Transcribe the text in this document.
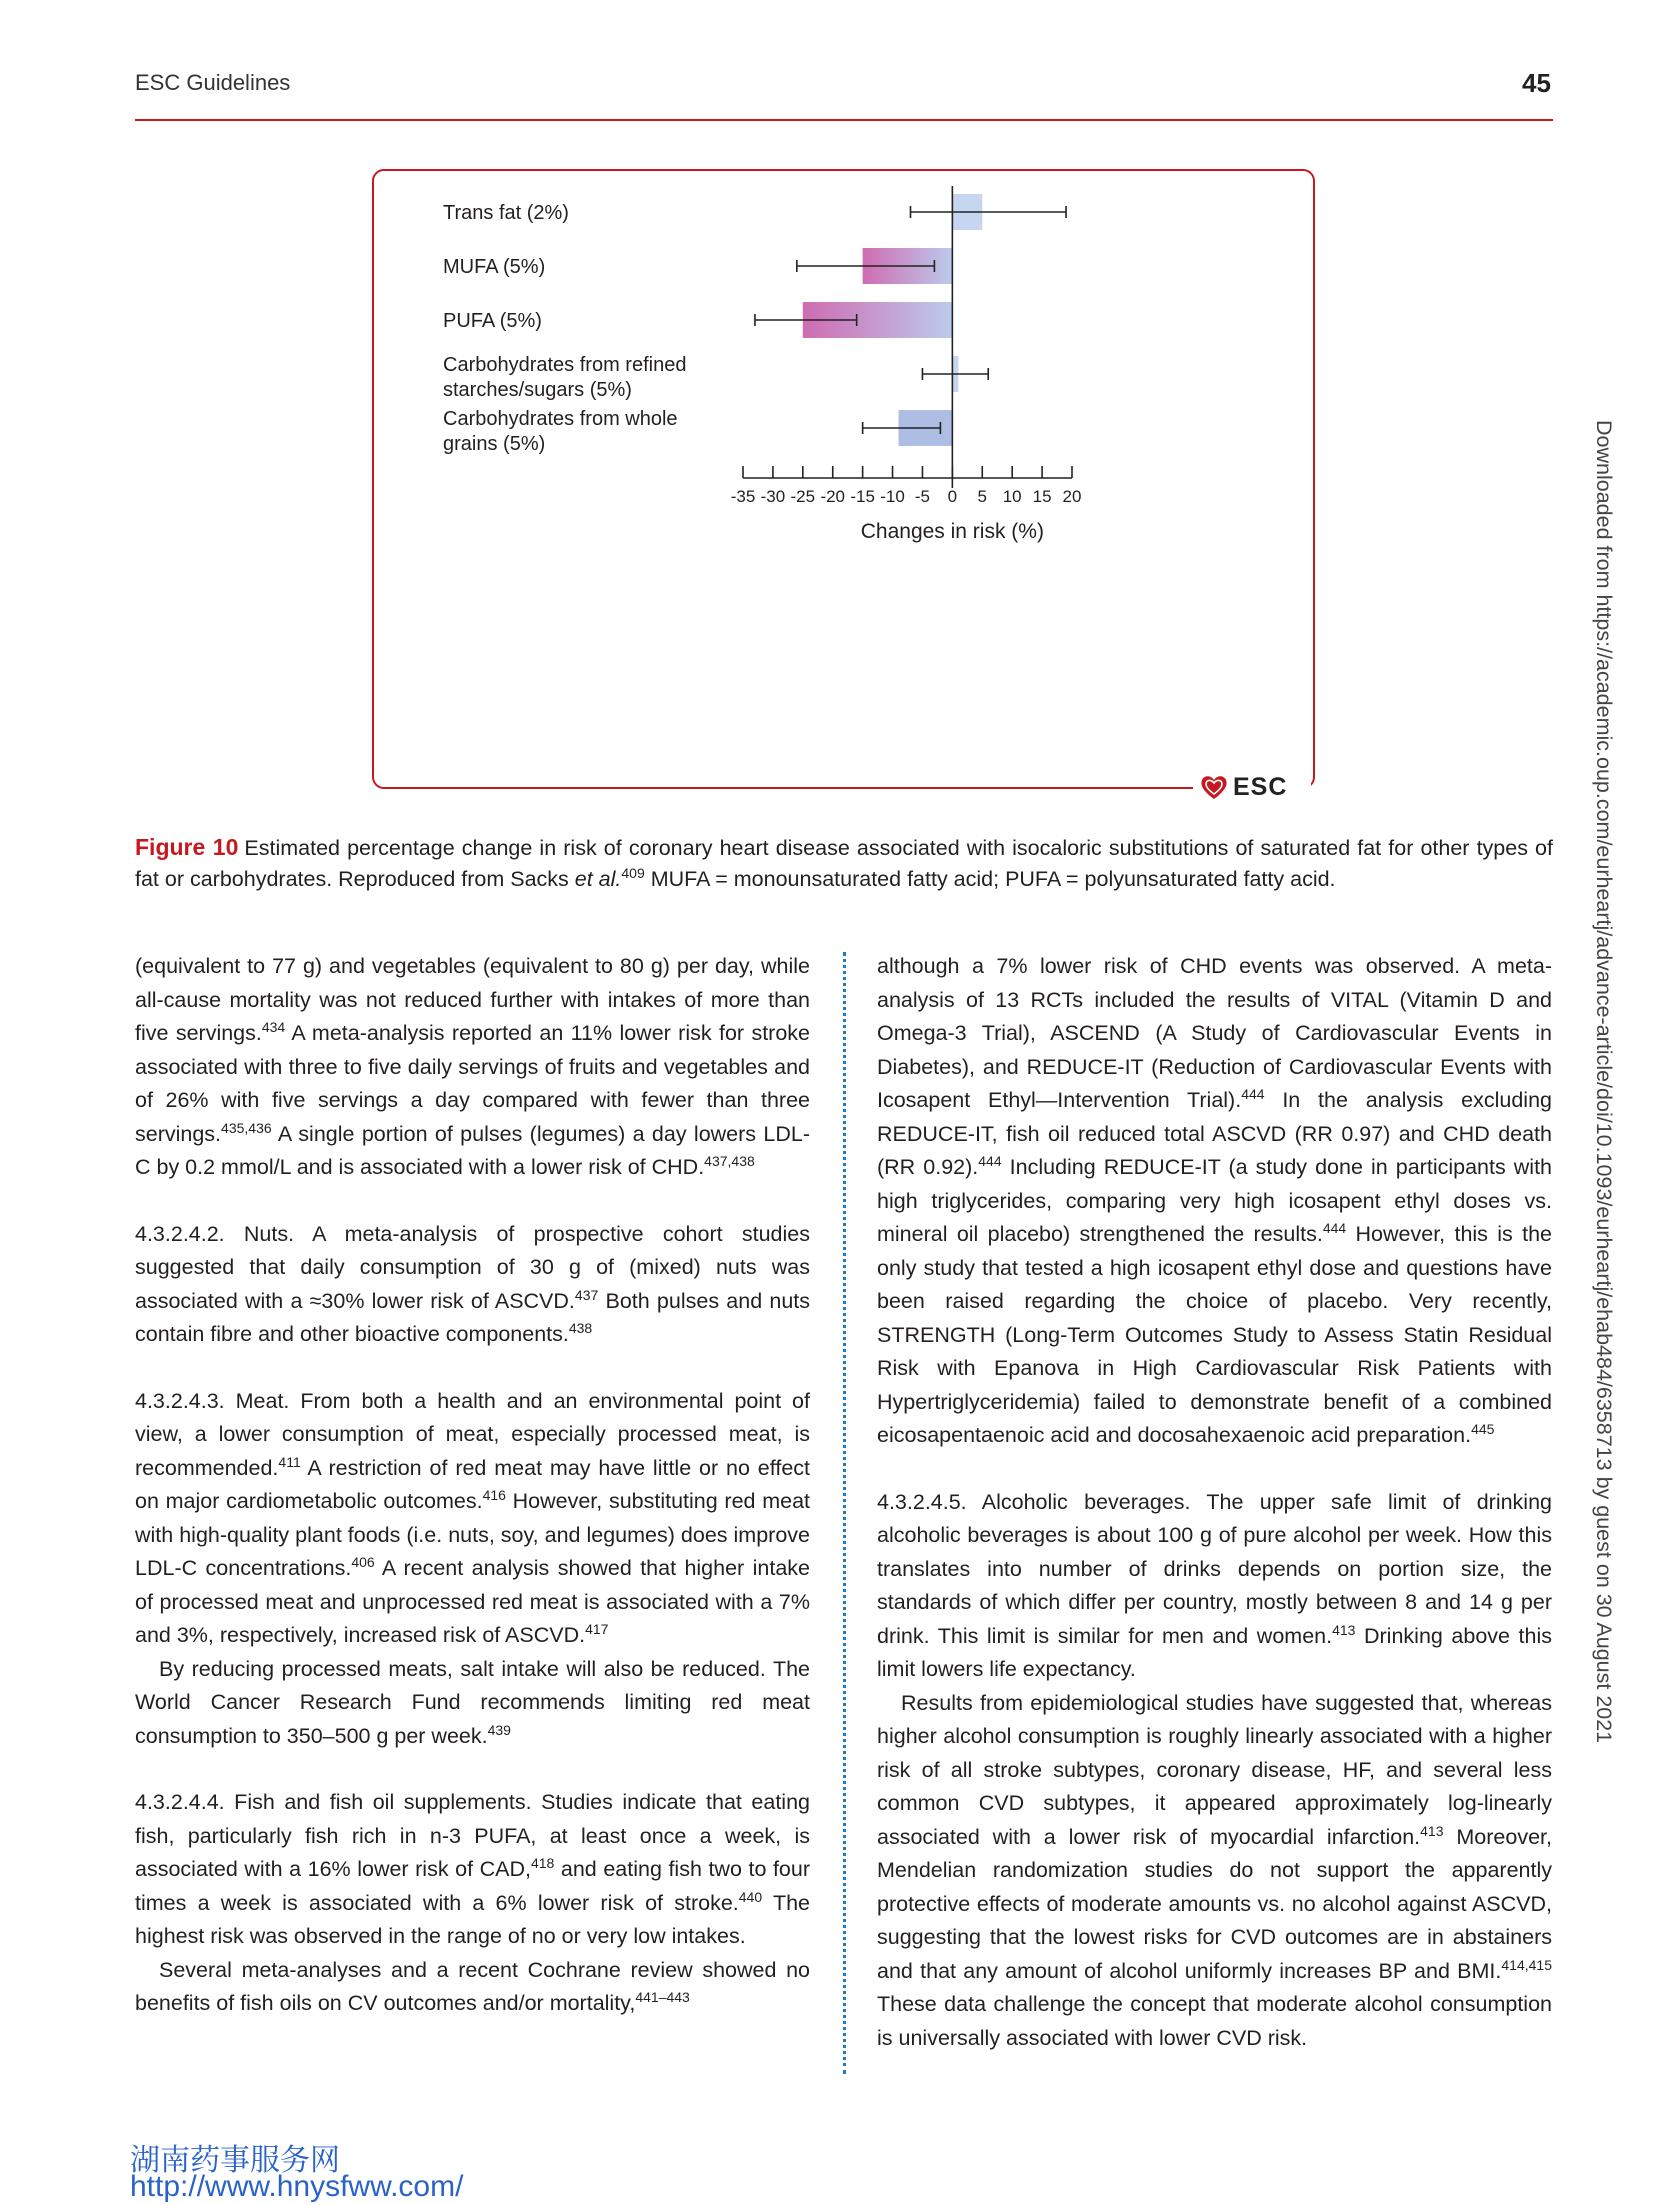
ESC Guidelines	45
-35 -30 -25 -20 -15 -10 -5 0 5 10 15 20
Changes in risk (%)
Trans fat (2%)
MUFA (5%)
PUFA (5%)
Carbohydrates from refined starches/sugars (5%)
Carbohydrates from whole grains (5%)
ESC
Figure 10 Estimated percentage change in risk of coronary heart disease associated with isocaloric substitutions of saturated fat for other types of fat or carbohydrates. Reproduced from Sacks et al.$^{409}$ MUFA = monounsaturated fatty acid; PUFA = polyunsaturated fatty acid.

(equivalent to 77 g) and vegetables (equivalent to 80 g) per day, while all-cause mortality was not reduced further with intakes of more than five servings.$^{434}$ A meta-analysis reported an 11% lower risk for stroke associated with three to five daily servings of fruits and vegetables and of 26% with five servings a day compared with fewer than three servings.$^{435,436}$ A single portion of pulses (legumes) a day lowers LDL-C by 0.2 mmol/L and is associated with a lower risk of CHD.$^{437,438}$

4.3.2.4.2. Nuts. A meta-analysis of prospective cohort studies suggested that daily consumption of 30 g of (mixed) nuts was associated with a ≈30% lower risk of ASCVD.$^{437}$ Both pulses and nuts contain fibre and other bioactive components.$^{438}$

4.3.2.4.3. Meat. From both a health and an environmental point of view, a lower consumption of meat, especially processed meat, is recommended.$^{411}$ A restriction of red meat may have little or no effect on major cardiometabolic outcomes.$^{416}$ However, substituting red meat with high-quality plant foods (i.e. nuts, soy, and legumes) does improve LDL-C concentrations.$^{406}$ A recent analysis showed that higher intake of processed meat and unprocessed red meat is associated with a 7% and 3%, respectively, increased risk of ASCVD.$^{417}$

By reducing processed meats, salt intake will also be reduced. The World Cancer Research Fund recommends limiting red meat consumption to 350–500 g per week.$^{439}$

4.3.2.4.4. Fish and fish oil supplements. Studies indicate that eating fish, particularly fish rich in n-3 PUFA, at least once a week, is associated with a 16% lower risk of CAD,$^{418}$ and eating fish two to four times a week is associated with a 6% lower risk of stroke.$^{440}$ The highest risk was observed in the range of no or very low intakes.

Several meta-analyses and a recent Cochrane review showed no benefits of fish oils on CV outcomes and/or mortality,$^{441-443}$

although a 7% lower risk of CHD events was observed. A meta-analysis of 13 RCTs included the results of VITAL (Vitamin D and Omega-3 Trial), ASCEND (A Study of Cardiovascular Events in Diabetes), and REDUCE-IT (Reduction of Cardiovascular Events with Icosapent Ethyl—Intervention Trial).$^{444}$ In the analysis excluding REDUCE-IT, fish oil reduced total ASCVD (RR 0.97) and CHD death (RR 0.92).$^{444}$ Including REDUCE-IT (a study done in participants with high triglycerides, comparing very high icosapent ethyl doses vs. mineral oil placebo) strengthened the results.$^{444}$ However, this is the only study that tested a high icosapent ethyl dose and questions have been raised regarding the choice of placebo. Very recently, STRENGTH (Long-Term Outcomes Study to Assess Statin Residual Risk with Epanova in High Cardiovascular Risk Patients with Hypertriglyceridemia) failed to demonstrate benefit of a combined eicosapentaenoic acid and docosahexaenoic acid preparation.$^{445}$

4.3.2.4.5. Alcoholic beverages. The upper safe limit of drinking alcoholic beverages is about 100 g of pure alcohol per week. How this translates into number of drinks depends on portion size, the standards of which differ per country, mostly between 8 and 14 g per drink. This limit is similar for men and women.$^{413}$ Drinking above this limit lowers life expectancy.

Results from epidemiological studies have suggested that, whereas higher alcohol consumption is roughly linearly associated with a higher risk of all stroke subtypes, coronary disease, HF, and several less common CVD subtypes, it appeared approximately log-linearly associated with a lower risk of myocardial infarction.$^{413}$ Moreover, Mendelian randomization studies do not support the apparently protective effects of moderate amounts vs. no alcohol against ASCVD, suggesting that the lowest risks for CVD outcomes are in abstainers and that any amount of alcohol uniformly increases BP and BMI.$^{414,415}$ These data challenge the concept that moderate alcohol consumption is universally associated with lower CVD risk.

Downloaded from https://academic.oup.com/eurheartj/advance-article/doi/10.1093/eurheartj/ehab484/6358713 by guest on 30 August 2021
湖南药事服务网
http://www.hnysfww.com/
